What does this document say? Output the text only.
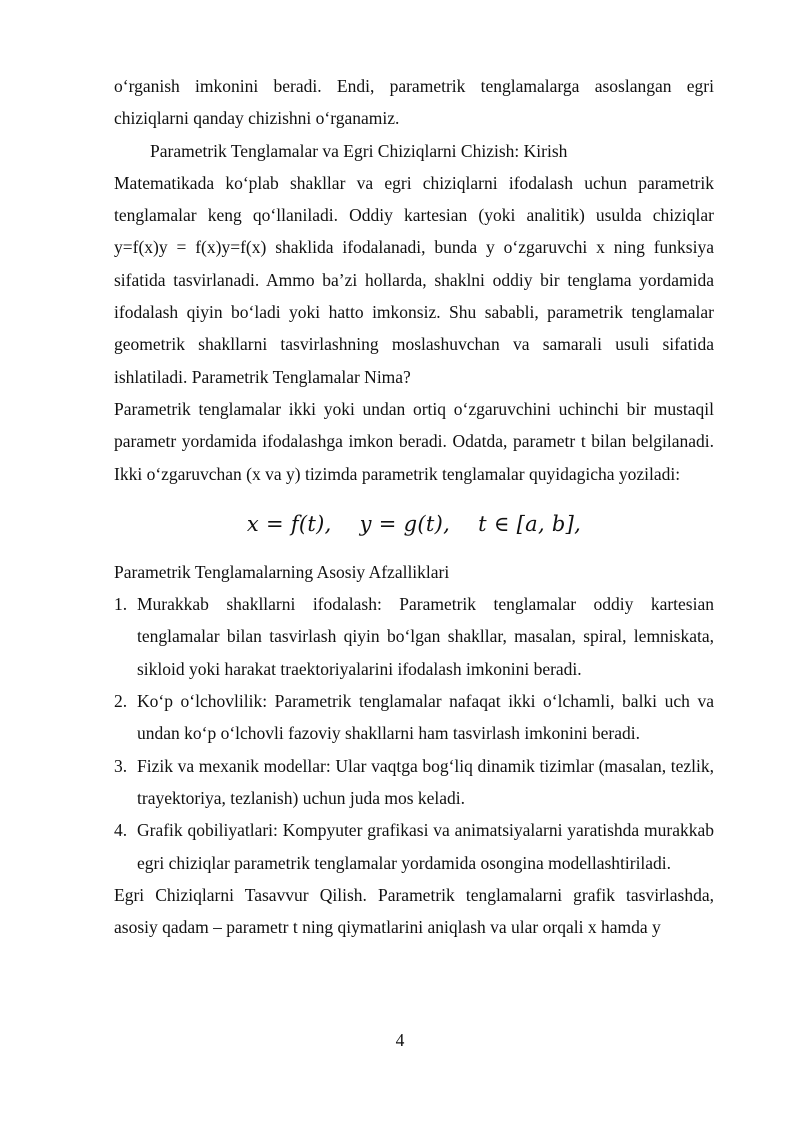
o‘rganish imkonini beradi. Endi, parametrik tenglamalarga asoslangan egri chiziqlarni qanday chizishni o‘rganamiz.

Parametrik Tenglamalar va Egri Chiziqlarni Chizish: Kirish

Matematikada ko‘plab shakllar va egri chiziqlarni ifodalash uchun parametrik tenglamalar keng qo‘llaniladi. Oddiy kartesian (yoki analitik) usulda chiziqlar y=f(x)y = f(x)y=f(x) shaklida ifodalanadi, bunda y o‘zgaruvchi x ning funksiya sifatida tasvirlanadi. Ammo ba’zi hollarda, shaklni oddiy bir tenglama yordamida ifodalash qiyin bo‘ladi yoki hatto imkonsiz. Shu sababli, parametrik tenglamalar geometrik shakllarni tasvirlashning moslashuvchan va samarali usuli sifatida ishlatiladi. Parametrik Tenglamalar Nima?

Parametrik tenglamalar ikki yoki undan ortiq o‘zgaruvchini uchinchi bir mustaqil parametr yordamida ifodalashga imkon beradi. Odatda, parametr t bilan belgilanadi. Ikki o‘zgaruvchan (x va y) tizimda parametrik tenglamalar quyidagicha yoziladi:

x = f(t), y = g(t), t ∈ [a, b],

Parametrik Tenglamalarning Asosiy Afzalliklari

1. Murakkab shakllarni ifodalash: Parametrik tenglamalar oddiy kartesian tenglamalar bilan tasvirlash qiyin bo‘lgan shakllar, masalan, spiral, lemniskata, sikloid yoki harakat traektoriyalarini ifodalash imkonini beradi.
2. Ko‘p o‘lchovlilik: Parametrik tenglamalar nafaqat ikki o‘lchamli, balki uch va undan ko‘p o‘lchovli fazoviy shakllarni ham tasvirlash imkonini beradi.
3. Fizik va mexanik modellar: Ular vaqtga bog‘liq dinamik tizimlar (masalan, tezlik, trayektoriya, tezlanish) uchun juda mos keladi.
4. Grafik qobiliyatlari: Kompyuter grafikasi va animatsiyalarni yaratishda murakkab egri chiziqlar parametrik tenglamalar yordamida osongina modellashtiriladi.

Egri Chiziqlarni Tasavvur Qilish. Parametrik tenglamalarni grafik tasvirlashda, asosiy qadam – parametr t ning qiymatlarini aniqlash va ular orqali x hamda y

4
